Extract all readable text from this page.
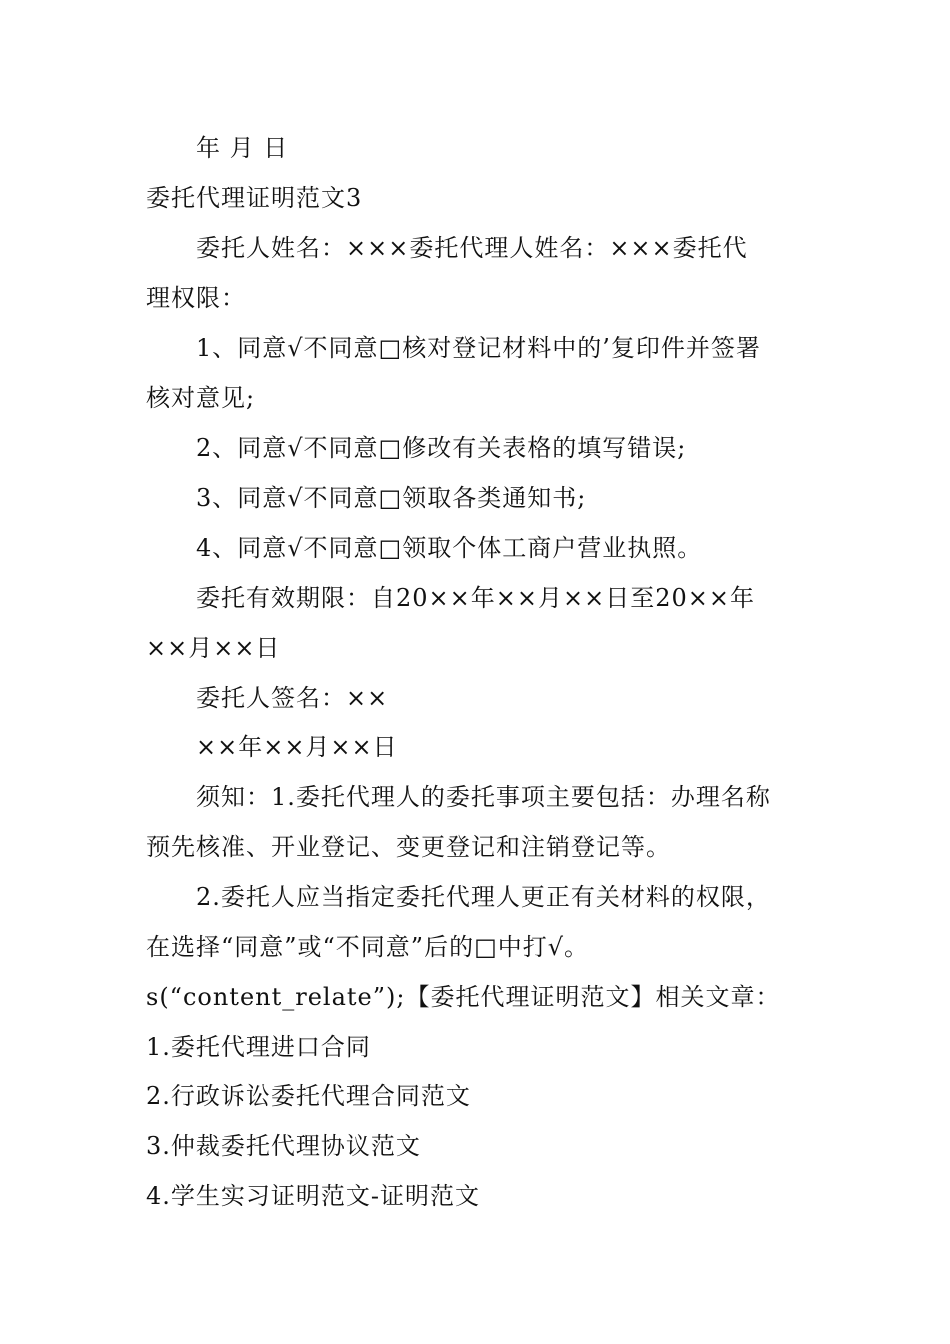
年 月 日
委托代理证明范文3
委托人姓名：×××委托代理人姓名：×××委托代
理权限：
1、同意√不同意□核对登记材料中的’复印件并签署
核对意见;
2、同意√不同意□修改有关表格的填写错误;
3、同意√不同意□领取各类通知书;
4、同意√不同意□领取个体工商户营业执照。
委托有效期限：自20××年××月××日至20××年
××月××日
委托人签名：××
××年××月××日
须知：1.委托代理人的委托事项主要包括：办理名称
预先核准、开业登记、变更登记和注销登记等。
2.委托人应当指定委托代理人更正有关材料的权限，
在选择“同意”或“不同意”后的□中打√。
s(“content_relate”);【委托代理证明范文】相关文章：
1.委托代理进口合同
2.行政诉讼委托代理合同范文
3.仲裁委托代理协议范文
4.学生实习证明范文-证明范文
